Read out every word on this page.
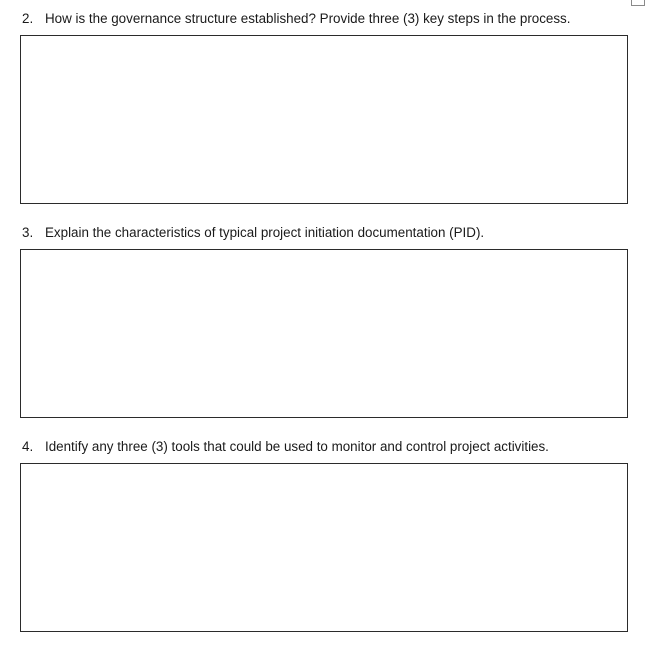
2. How is the governance structure established? Provide three (3) key steps in the process.

3. Explain the characteristics of typical project initiation documentation (PID).

4. Identify any three (3) tools that could be used to monitor and control project activities.
